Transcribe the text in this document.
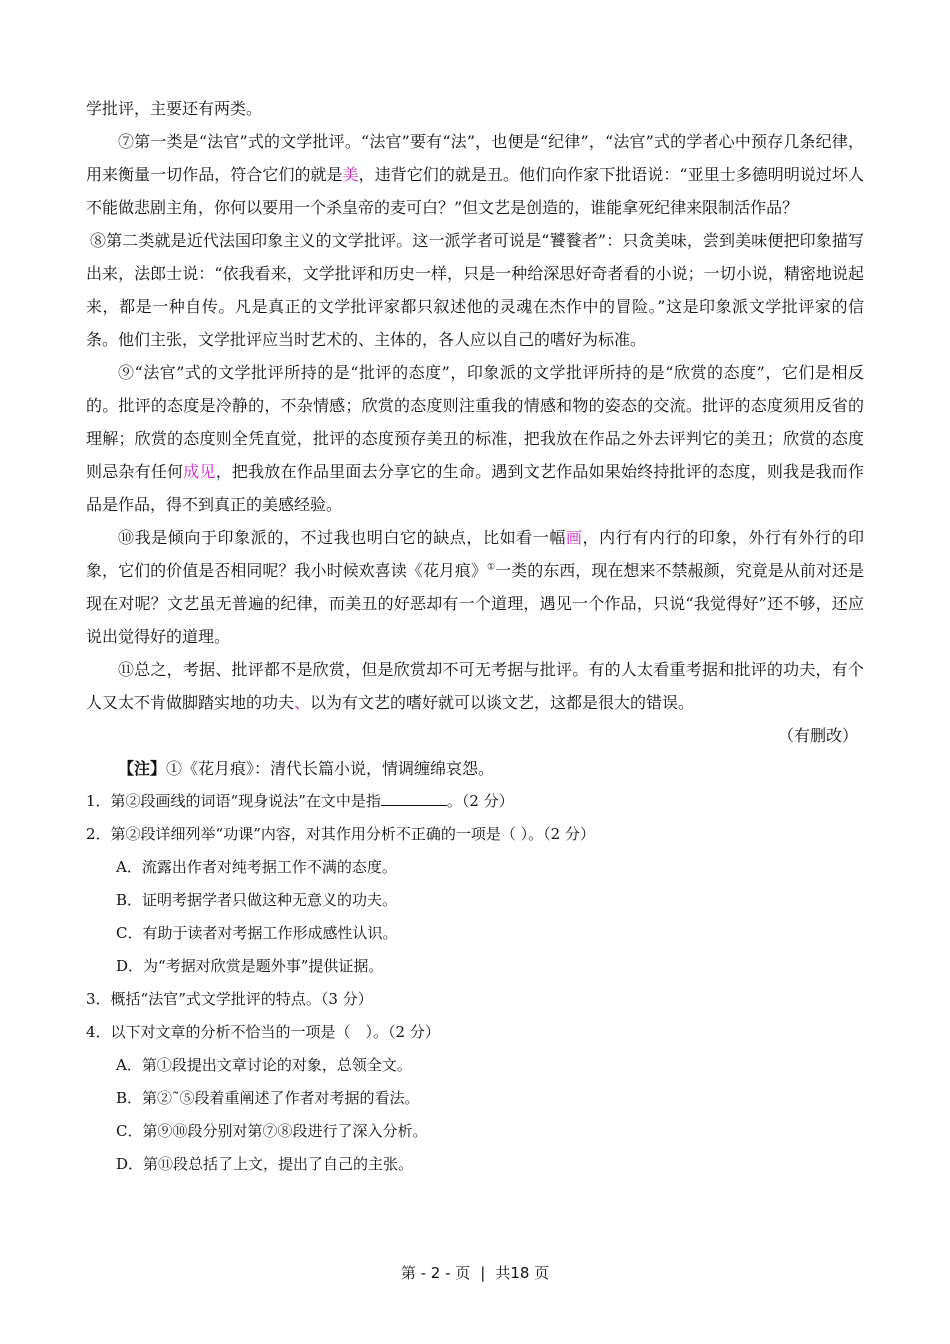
学批评，主要还有两类。

⑦第一类是“法官”式的文学批评。“法官”要有“法”，也便是“纪律”，“法官”式的学者心中预存几条纪律，用来衡量一切作品，符合它们的就是美，违背它们的就是丑。他们向作家下批语说：“亚里士多德明明说过坏人不能做悲剧主角，你何以要用一个杀皇帝的麦可白？”但文艺是创造的，谁能拿死纪律来限制活作品？

⑧第二类就是近代法国印象主义的文学批评。这一派学者可说是“饕餮者”：只贪美味，尝到美味便把印象描写出来，法郎士说：“依我看来，文学批评和历史一样，只是一种给深思好奇者看的小说；一切小说，精密地说起来，都是一种自传。凡是真正的文学批评家都只叙述他的灵魂在杰作中的冒险。”这是印象派文学批评家的信条。他们主张，文学批评应当时艺术的、主体的，各人应以自己的嗜好为标准。

⑨“法官”式的文学批评所持的是“批评的态度”，印象派的文学批评所持的是“欣赏的态度”，它们是相反的。批评的态度是冷静的，不杂情感；欣赏的态度则注重我的情感和物的姿态的交流。批评的态度须用反省的理解；欣赏的态度则全凭直觉，批评的态度预存美丑的标准，把我放在作品之外去评判它的美丑；欣赏的态度则忌杂有任何成见，把我放在作品里面去分享它的生命。遇到文艺作品如果始终持批评的态度，则我是我而作品是作品，得不到真正的美感经验。

⑩我是倾向于印象派的，不过我也明白它的缺点，比如看一幅画，内行有内行的印象，外行有外行的印象，它们的价值是否相同呢？我小时候欢喜读《花月痕》①一类的东西，现在想来不禁赧颜，究竟是从前对还是现在对呢？文艺虽无普遍的纪律，而美丑的好恶却有一个道理，遇见一个作品，只说“我觉得好”还不够，还应说出觉得好的道理。

⑪总之，考据、批评都不是欣赏，但是欣赏却不可无考据与批评。有的人太看重考据和批评的功夫，有个人又太不肯做脚踏实地的功夫、以为有文艺的嗜好就可以谈文艺，这都是很大的错误。

（有删改）

【注】①《花月痕》：清代长篇小说，情调缠绵哀怨。

1．第②段画线的词语“现身说法”在文中是指	。（2 分）

2．第②段详细列举“功课”内容，对其作用分析不正确的一项是（ ）。（2 分）

A．流露出作者对纯考据工作不满的态度。

B．证明考据学者只做这种无意义的功夫。

C．有助于读者对考据工作形成感性认识。

D．为“考据对欣赏是题外事”提供证据。

3．概括“法官”式文学批评的特点。（3 分）

4．以下对文章的分析不恰当的一项是（　）。（2 分）

A．第①段提出文章讨论的对象，总领全文。

B．第②˜⑤段着重阐述了作者对考据的看法。

C．第⑨⑩段分别对第⑦⑧段进行了深入分析。

D．第⑪段总括了上文，提出了自己的主张。

第 - 2 - 页 | 共18 页
